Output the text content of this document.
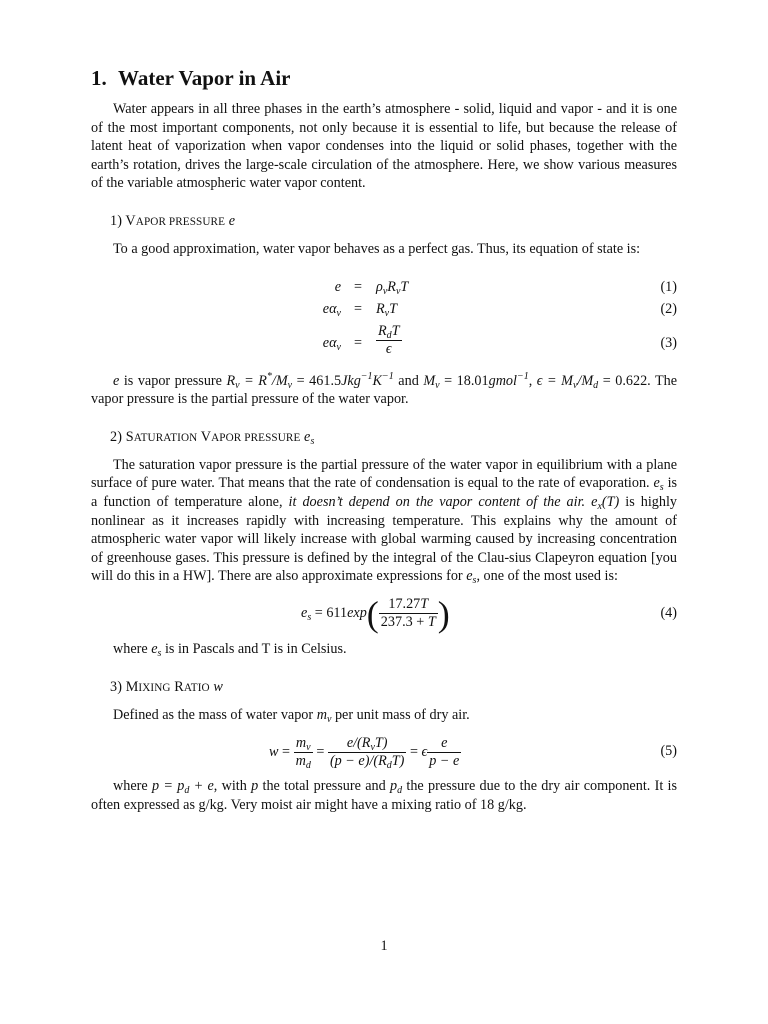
1. Water Vapor in Air

Water appears in all three phases in the earth’s atmosphere - solid, liquid and vapor - and it is one of the most important components, not only because it is essential to life, but because the release of latent heat of vaporization when vapor condenses into the liquid or solid phases, together with the earth’s rotation, drives the large-scale circulation of the atmosphere. Here, we show various measures of the variable atmospheric water vapor content.

1) VAPOR PRESSURE e

To a good approximation, water vapor behaves as a perfect gas. Thus, its equation of state is:

$e = \rho_vR_vT$	(1)
$e\alpha_v = R_vT$	(2)
$e\alpha_v = \frac{R_dT}{\epsilon}$	(3)

e is vapor pressure $R_v = R^*/M_v = 461.5Jkg^{-1}K^{-1}$ and $M_v$ = 18.01gmol$^{-1}$, $\epsilon = M_v/M_d = 0.622$. The vapor pressure is the partial pressure of the water vapor.

2) SATURATION VAPOR PRESSURE $e_s$

The saturation vapor pressure is the partial pressure of the water vapor in equilibrium with a plane surface of pure water. That means that the rate of condensation is equal to the rate of evaporation. $e_s$ is a function of temperature alone, it doesn’t depend on the vapor content of the air. $e_x(T)$ is highly nonlinear as it increases rapidly with increasing temperature. This explains why the amount of atmospheric water vapor will likely increase with global warming caused by increasing concentration of greenhouse gases. This pressure is defined by the integral of the Clau-sius Clapeyron equation [you will do this in a HW]. There are also approximate expressions for $e_s$, one of the most used is:

$e_s = 611$ exp ( $\frac{17.27T}{237.3 + T}$ )	(4)

where $e_s$ is in Pascals and T is in Celsius.

3) MIXING RATIO w

Defined as the mass of water vapor $m_v$ per unit mass of dry air.

$w = \frac{m_v}{m_d} = \frac{e/(R_vT)}{(p - e)/(R_dT)} = \epsilon \frac{e}{p - e}$	(5)

where $p = p_d + e$, with p the total pressure and $p_d$ the pressure due to the dry air component. It is often expressed as g/kg. Very moist air might have a mixing ratio of 18 g/kg.

1
